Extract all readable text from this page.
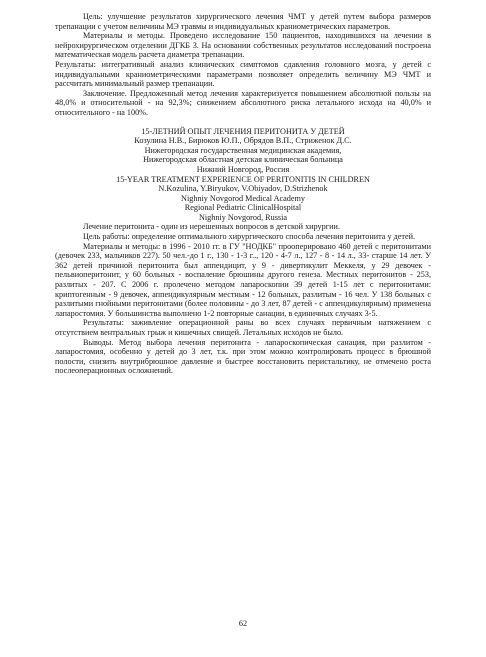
Цель: улучшение результатов хирургического лечения ЧМТ у детей путем выбора размеров трепанации с учетом величины МЭ травмы и индивидуальных краниометрических параметров.

Материалы и методы. Проведено исследование 150 пациентов, находившихся на лечении в нейрохирургическом отделении ДГКБ 3. На основании собственных результатов исследований построена математическая модель расчета диаметра трепанации.

Результаты: интегративный анализ клинических симптомов сдавления головного мозга, у детей с индивидуальными краниометрическими параметрами позволяет определить величину МЭ ЧМТ и рассчитать минимальный размер трепанации.

Заключение. Предложенный метод лечения характеризуется повышением абсолютной пользы на 48,0% и относительной - на 92,3%; снижением абсолютного риска летального исхода на 40,0% и относительного - на 100%.

15-ЛЕТНИЙ ОПЫТ ЛЕЧЕНИЯ ПЕРИТОНИТА У ДЕТЕЙ

Козулина Н.В., Бирюков Ю.П., Обрядов В.П., Стриженок Д.С.

Нижегородская государственная медицинская академия,

Нижегородская областная детская клиническая больница

Нижний Новгород, Россия

15-YEAR TREATMENT EXPERIENCE OF PERITONITIS IN CHILDREN

N.Kozulina, Y.Biryukov, V.Obiyadov, D.Strizhenok

Nighniy Novgorod Medical Academy

Regional Pediatric ClinicalHospital

Nighniy Novgorod, Russia

Лечение перитонита - один из нерешенных вопросов в детской хирургии.

Цель работы: определение оптимального хирургического способа лечения перитонита у детей.

Материалы и методы: в 1996 - 2010 гг. в ГУ "НОДКБ" прооперировано 460 детей с перитонитами (девочек 233, мальчиков 227). 50 чел.-до 1 г., 130 - 1-3 г.., 120 - 4-7 л., 127 - 8 - 14 л., 33- старше 14 лет. У 362 детей причиной перитонита был аппендицит, у 9 - дивертикулит Меккеля, у 29 девочек - пельвиоперитонит, у 60 больных - воспаление брюшины другого генеза. Местных перитонитов - 253, разлитых - 207. С 2006 г. пролечено методом лапароскопии 39 детей 1-15 лет с перитонитами: криптогенным - 9 девочек, аппендикулярным местным - 12 больных, разлитым - 16 чел. У 138 больных с разлитыми гнойными перитонитами (более половины - до 3 лет, 87 детей - с аппендикулярным) применена лапаростомия. У большинства выполнено 1-2 повторные санации, в единичных случаях 3-5.

Результаты: заживление операционной раны во всех случаях первичным натяжением с отсутствием вентральных грыж и кишечных свищей. Летальных исходов не было.

Выводы. Метод выбора лечения перитонита - лапароскопическая санация, при разлитом - лапаростомия, особенно у детей до 3 лет, т.к. при этом можно контролировать процесс в брюшной полости, снизить внутрибрюшное давление и быстрее восстановить перистальтику, не отмечено роста послеоперационных осложнений.

62
